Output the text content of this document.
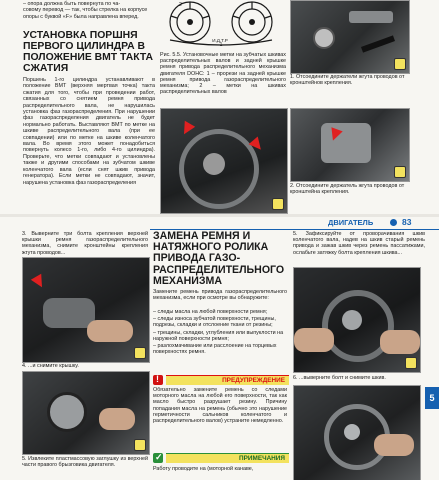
– опора должна быть повернута по ча-
совому перевод — так, чтобы стрелка на корпусе
опоры с буквой «F» была направлена вперед.
УСТАНОВКА ПОРШНЯ ПЕРВОГО ЦИЛИНДРА В ПОЛОЖЕНИЕ ВМТ ТАКТА СЖАТИЯ
Поршень 1-го цилиндра устанавливают в положение ВМТ (верхняя мертвая точка) такта сжатия для того, чтобы при проведении работ, связанных со снятием ремня привода распределительного вала, не нарушилась установка фаз газораспределения. При нарушении фаз газораспределения двигатель не будет нормально работать. Выставляют ВМТ по метке на шкиве распределительного вала (при ее совпадении) или по метке на шкиве коленчатого вала. Во время этого может понадобиться повернуть колесо 1-го, либо 4-го цилиндра). Проверьте, что метки совпадают и установлены также и другими способами на зубчатом шкиве коленчатого вала (если снят шкив привода генератора). Если метки не совпадают, значит, нарушена установка фаз газораспределения
1
2
И.Д.Т.Р
Рис. 5.5. Установочные метки на зубчатых шкивах распределительных валов и задней крышке ремня привода распределительного механизма двигателя DOHC: 1 – прорези на задней крышке ремня привода газораспределительного механизма; 2 – метки на шкивах распределительных валов
1. Отсоедините держатели жгута проводов от кронштейнов крепления.
2. Отсоедините держатель жгута проводов от кронштейна крепления.
ДВИГАТЕЛЬ	83
3. Выверните три болта крепления верхней крышки ремня газораспределительного механизма, снимите кронштейны крепления жгута проводов...
4. ...и снимите крышку.
5. Извлеките пластмассовую заглушку из верхней части правого брызговика двигателя.
ЗАМЕНА РЕМНЯ И НАТЯЖНОГО РОЛИКА ПРИВОДА ГАЗО-РАСПРЕДЕЛИТЕЛЬНОГО МЕХАНИЗМА
Замените ремень привода газораспределительного механизма, если при осмотре вы обнаружите:
– следы масла на любой поверхности ремня;
– следы износа зубчатой поверхности, трещины, подрезы, складки и отслоение ткани от резины;
– трещины, складки, углубления или выпуклости на наружной поверхности ремня;
– разлохмачивание или расслоение на торцевых поверхностях ремня.
!	ПРЕДУПРЕЖДЕНИЕ
Обязательно замените ремень со следами моторного масла на любой его поверхности, так как масло быстро разрушает резину. Причину попадания масла на ремень (обычно это нарушение герметичности сальников коленчатого и распределительного валов) устраните немедленно.
✓	ПРИМЕЧАНИЯ
Работу проводите на (моторной канаве,
5. Зафиксируйте от проворачивания шкив коленчатого вала, надев на шкив старый ремень привода и зажав шкив через ремень пассатижами, ослабьте затяжку болта крепления шкива...
6. ...выверните болт и снимите шкив.
5
